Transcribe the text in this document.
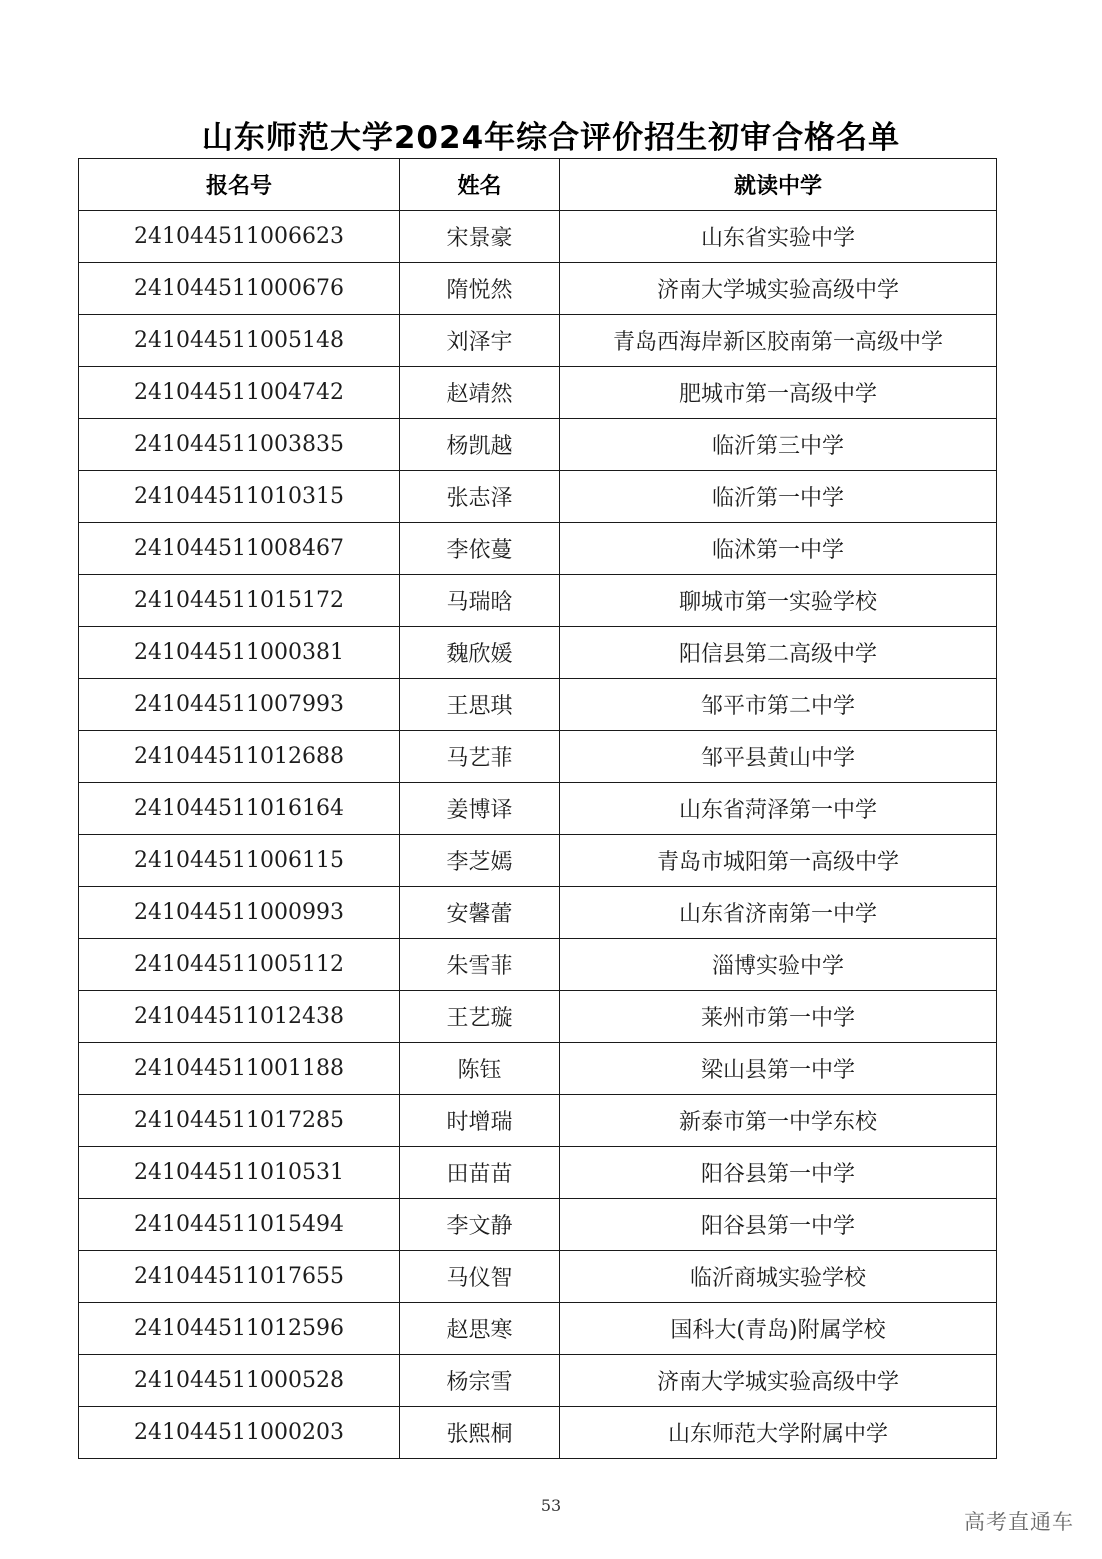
山东师范大学2024年综合评价招生初审合格名单
报名号	姓名	就读中学
241044511006623	宋景豪	山东省实验中学
241044511000676	隋悦然	济南大学城实验高级中学
241044511005148	刘泽宇	青岛西海岸新区胶南第一高级中学
241044511004742	赵靖然	肥城市第一高级中学
241044511003835	杨凯越	临沂第三中学
241044511010315	张志泽	临沂第一中学
241044511008467	李依蔓	临沭第一中学
241044511015172	马瑞晗	聊城市第一实验学校
241044511000381	魏欣媛	阳信县第二高级中学
241044511007993	王思琪	邹平市第二中学
241044511012688	马艺菲	邹平县黄山中学
241044511016164	姜博译	山东省菏泽第一中学
241044511006115	李芝嫣	青岛市城阳第一高级中学
241044511000993	安馨蕾	山东省济南第一中学
241044511005112	朱雪菲	淄博实验中学
241044511012438	王艺璇	莱州市第一中学
241044511001188	陈钰	梁山县第一中学
241044511017285	时增瑞	新泰市第一中学东校
241044511010531	田苗苗	阳谷县第一中学
241044511015494	李文静	阳谷县第一中学
241044511017655	马仪智	临沂商城实验学校
241044511012596	赵思寒	国科大(青岛)附属学校
241044511000528	杨宗雪	济南大学城实验高级中学
241044511000203	张熙桐	山东师范大学附属中学
53
高考直通车
